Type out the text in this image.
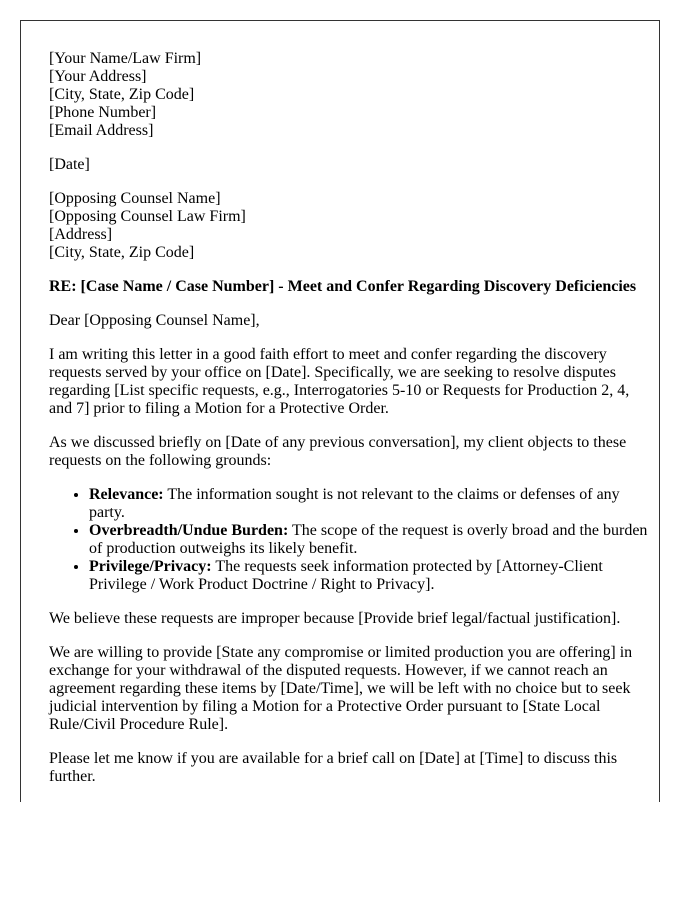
[Your Name/Law Firm]
[Your Address]
[City, State, Zip Code]
[Phone Number]
[Email Address]
[Date]
[Opposing Counsel Name]
[Opposing Counsel Law Firm]
[Address]
[City, State, Zip Code]

RE: [Case Name / Case Number] - Meet and Confer Regarding Discovery Deficiencies

Dear [Opposing Counsel Name],

I am writing this letter in a good faith effort to meet and confer regarding the discovery requests served by your office on [Date]. Specifically, we are seeking to resolve disputes regarding [List specific requests, e.g., Interrogatories 5-10 or Requests for Production 2, 4, and 7] prior to filing a Motion for a Protective Order.

As we discussed briefly on [Date of any previous conversation], my client objects to these requests on the following grounds:

• Relevance: The information sought is not relevant to the claims or defenses of any party.
• Overbreadth/Undue Burden: The scope of the request is overly broad and the burden of production outweighs its likely benefit.
• Privilege/Privacy: The requests seek information protected by [Attorney-Client Privilege / Work Product Doctrine / Right to Privacy].

We believe these requests are improper because [Provide brief legal/factual justification].

We are willing to provide [State any compromise or limited production you are offering] in exchange for your withdrawal of the disputed requests. However, if we cannot reach an agreement regarding these items by [Date/Time], we will be left with no choice but to seek judicial intervention by filing a Motion for a Protective Order pursuant to [State Local Rule/Civil Procedure Rule].

Please let me know if you are available for a brief call on [Date] at [Time] to discuss this further.
